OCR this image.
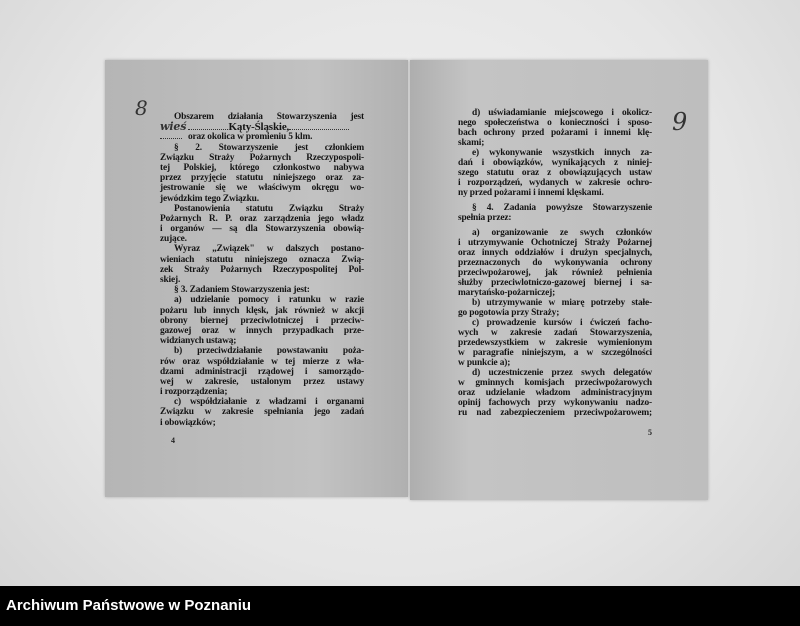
8	Obszarem działania Stowarzyszenia jest
wieś	Kąty-Śląskie,
oraz okolica w promieniu 5 klm.
§ 2. Stowarzyszenie jest członkiem
Związku Straży Pożarnych Rzeczypospoli-
tej Polskiej, którego członkostwo nabywa
przez przyjęcie statutu niniejszego oraz za-
jestrowanie się we właściwym okręgu wo-
jewódzkim tego Związku.
Postanowienia statutu Związku Straży
Pożarnych R. P. oraz zarządzenia jego władz
i organów — są dla Stowarzyszenia obowią-
zujące.
Wyraz „Związek" w dalszych postano-
wieniach statutu niniejszego oznacza Zwią-
zek Straży Pożarnych Rzeczypospolitej Pol-
skiej.
§ 3. Zadaniem Stowarzyszenia jest:
a) udzielanie pomocy i ratunku w razie
pożaru lub innych klęsk, jak również w akcji
obrony biernej przeciwlotniczej i przeciw-
gazowej oraz w innych przypadkach prze-
widzianych ustawą;
b) przeciwdziałanie powstawaniu poża-
rów oraz współdziałanie w tej mierze z wła-
dzami administracji rządowej i samorządo-
wej w zakresie, ustalonym przez ustawy
i rozporządzenia;
c) współdziałanie z władzami i organami
Związku w zakresie spełniania jego zadań
i obowiązków;
4
9
d) uświadamianie miejscowego i okolicz-
nego społeczeństwa o konieczności i sposo-
bach ochrony przed pożarami i innemi klę-
skami;
e) wykonywanie wszystkich innych za-
dań i obowiązków, wynikających z niniej-
szego statutu oraz z obowiązujących ustaw
i rozporządzeń, wydanych w zakresie ochro-
ny przed pożarami i innemi klęskami.
§ 4. Zadania powyższe Stowarzyszenie
spełnia przez:
a) organizowanie ze swych członków
i utrzymywanie Ochotniczej Straży Pożarnej
oraz innych oddziałów i drużyn specjalnych,
przeznaczonych do wykonywania ochrony
przeciwpożarowej, jak również pełnienia
służby przeciwlotniczo-gazowej biernej i sa-
marytańsko-pożarniczej;
b) utrzymywanie w miarę potrzeby stałe-
go pogotowia przy Straży;
c) prowadzenie kursów i ćwiczeń facho-
wych w zakresie zadań Stowarzyszenia,
przedewszystkiem w zakresie wymienionym
w paragrafie niniejszym, a w szczególności
w punkcie a);
d) uczestniczenie przez swych delegatów
w gminnych komisjach przeciwpożarowych
oraz udzielanie władzom administracyjnym
opinij fachowych przy wykonywaniu nadzo-
ru nad zabezpieczeniem przeciwpożarowem;
5
Archiwum Państwowe w Poznaniu
